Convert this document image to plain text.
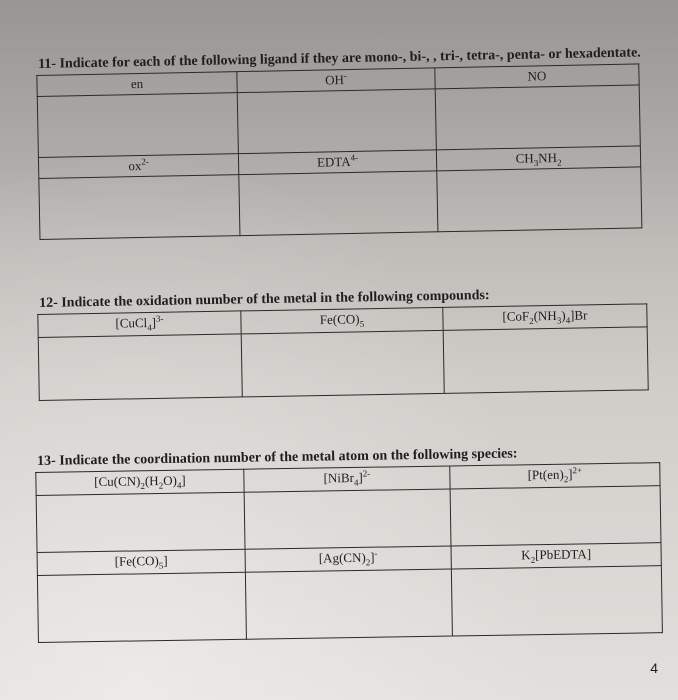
11- Indicate for each of the following ligand if they are mono-, bi-, , tri-, tetra-, penta- or hexadentate.
en	OH-	NO

$ox^{2-}$	$EDTA^{4-}$	$CH_3NH_2$

12- Indicate the oxidation number of the metal in the following compounds:
[CuCl$_4$]$^{3-}$	$Fe(CO)_5$	$[CoF_2(NH_3)_4]Br$

13- Indicate the coordination number of the metal atom on the following species:
$[Cu(CN)_2(H_2O)_4]$	[NiBr$_4$]$^{2-}$	$[Pt(en)_2]^{2+}$

$[Fe(CO)_5]$	$[Ag(CN)_2]^-$	$K_2[PbEDTA]$

4
